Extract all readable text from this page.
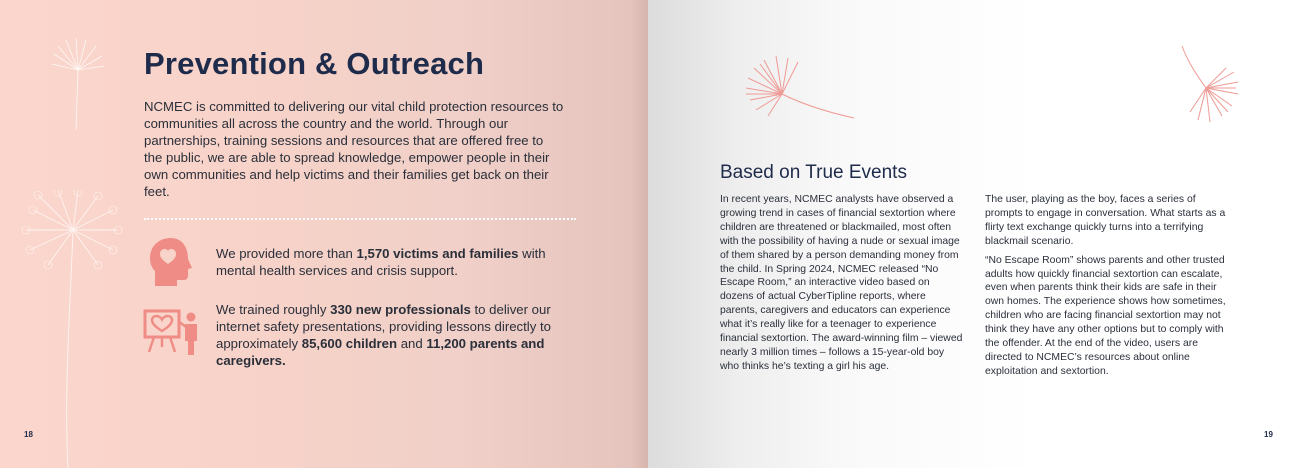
Prevention & Outreach
NCMEC is committed to delivering our vital child protection resources to communities all across the country and the world. Through our partnerships, training sessions and resources that are offered free to the public, we are able to spread knowledge, empower people in their own communities and help victims and their families get back on their feet.
We provided more than 1,570 victims and families with mental health services and crisis support.
We trained roughly 330 new professionals to deliver our internet safety presentations, providing lessons directly to approximately 85,600 children and 11,200 parents and caregivers.
18	19
Based on True Events

In recent years, NCMEC analysts have observed a growing trend in cases of financial sextortion where children are threatened or blackmailed, most often with the possibility of having a nude or sexual image of them shared by a person demanding money from the child. In Spring 2024, NCMEC released “No Escape Room,” an interactive video based on dozens of actual CyberTipline reports, where parents, caregivers and educators can experience what it’s really like for a teenager to experience financial sextortion. The award-winning film – viewed nearly 3 million times – follows a 15-year-old boy who thinks he’s texting a girl his age.

The user, playing as the boy, faces a series of prompts to engage in conversation. What starts as a flirty text exchange quickly turns into a terrifying blackmail scenario.

“No Escape Room” shows parents and other trusted adults how quickly financial sextortion can escalate, even when parents think their kids are safe in their own homes. The experience shows how sometimes, children who are facing financial sextortion may not think they have any other options but to comply with the offender. At the end of the video, users are directed to NCMEC’s resources about online exploitation and sextortion.
